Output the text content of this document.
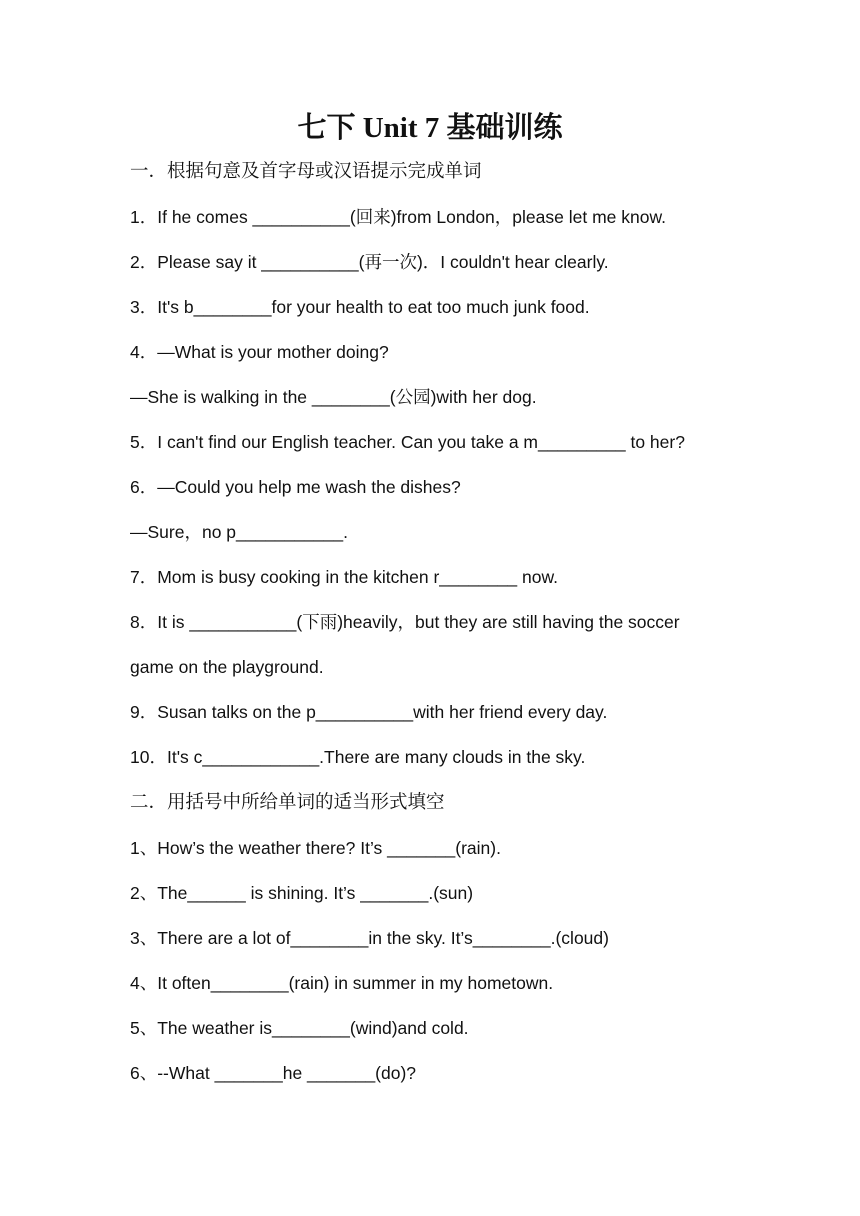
七下 Unit 7 基础训练
一．根据句意及首字母或汉语提示完成单词
1．If he comes __________(回来)from London，please let me know.
2．Please say it __________(再一次)．I couldn't hear clearly.
3．It's b________for your health to eat too much junk food.
4．—What is your mother doing?
—She is walking in the ________(公园)with her dog.
5．I can't find our English teacher. Can you take a m_________ to her?
6．—Could you help me wash the dishes?
—Sure，no p___________.
7．Mom is busy cooking in the kitchen r________ now.
8．It is ___________(下雨)heavily，but they are still having the soccer
game on the playground.
9．Susan talks on the p__________with her friend every day.
10．It's c____________.There are many clouds in the sky.
二．用括号中所给单词的适当形式填空
1、How’s the weather there? It’s _______(rain).
2、The______ is shining. It’s _______.(sun)
3、There are a lot of________in the sky. It’s________.(cloud)
4、It often________(rain) in summer in my hometown.
5、The weather is________(wind)and cold.
6、--What _______he _______(do)?
